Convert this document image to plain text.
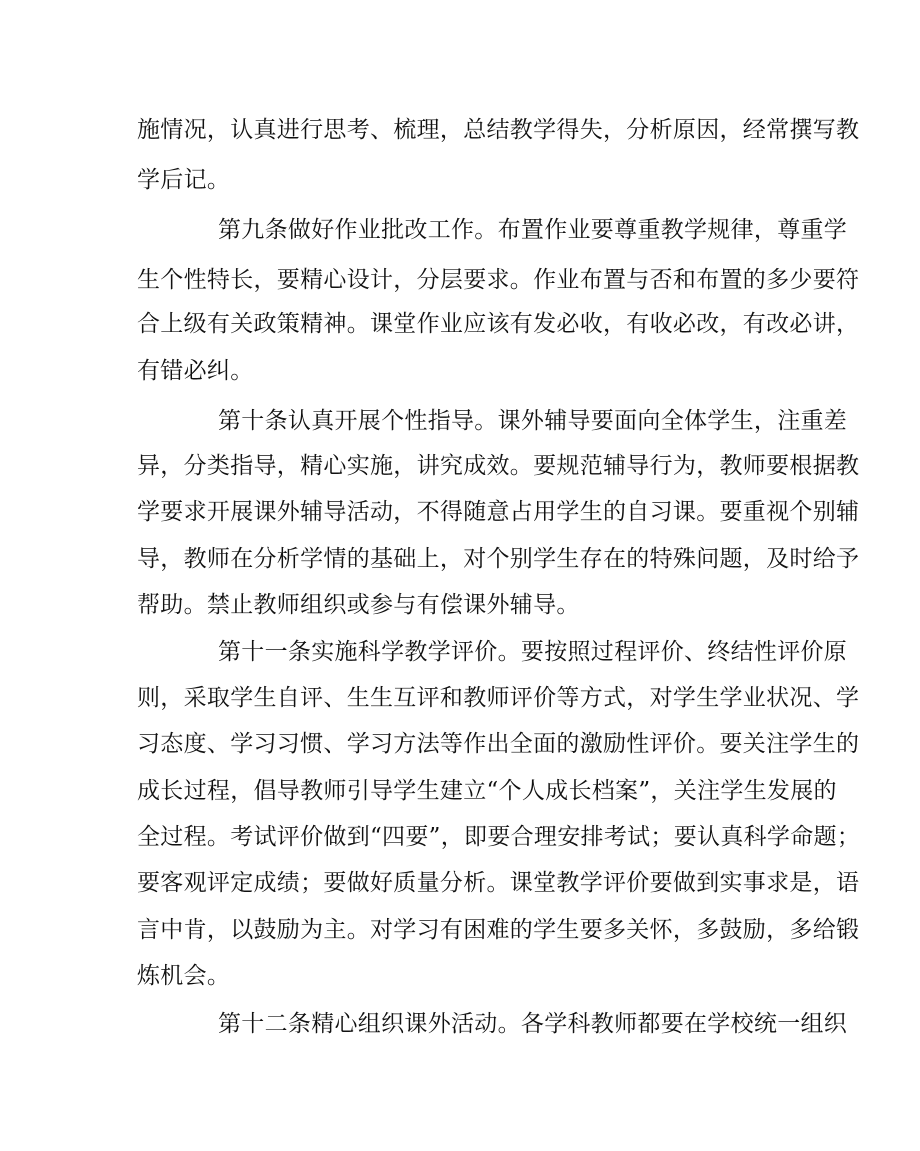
施情况，认真进行思考、梳理，总结教学得失，分析原因，经常撰写教
学后记。
第九条做好作业批改工作。布置作业要尊重教学规律，尊重学
生个性特长，要精心设计，分层要求。作业布置与否和布置的多少要符
合上级有关政策精神。课堂作业应该有发必收，有收必改，有改必讲，
有错必纠。
第十条认真开展个性指导。课外辅导要面向全体学生，注重差
异，分类指导，精心实施，讲究成效。要规范辅导行为，教师要根据教
学要求开展课外辅导活动，不得随意占用学生的自习课。要重视个别辅
导，教师在分析学情的基础上，对个别学生存在的特殊问题，及时给予
帮助。禁止教师组织或参与有偿课外辅导。
第十一条实施科学教学评价。要按照过程评价、终结性评价原
则，采取学生自评、生生互评和教师评价等方式，对学生学业状况、学
习态度、学习习惯、学习方法等作出全面的激励性评价。要关注学生的
成长过程，倡导教师引导学生建立“个人成长档案”，关注学生发展的
全过程。考试评价做到“四要”，即要合理安排考试；要认真科学命题；
要客观评定成绩；要做好质量分析。课堂教学评价要做到实事求是，语
言中肯，以鼓励为主。对学习有困难的学生要多关怀，多鼓励，多给锻
炼机会。
第十二条精心组织课外活动。各学科教师都要在学校统一组织
